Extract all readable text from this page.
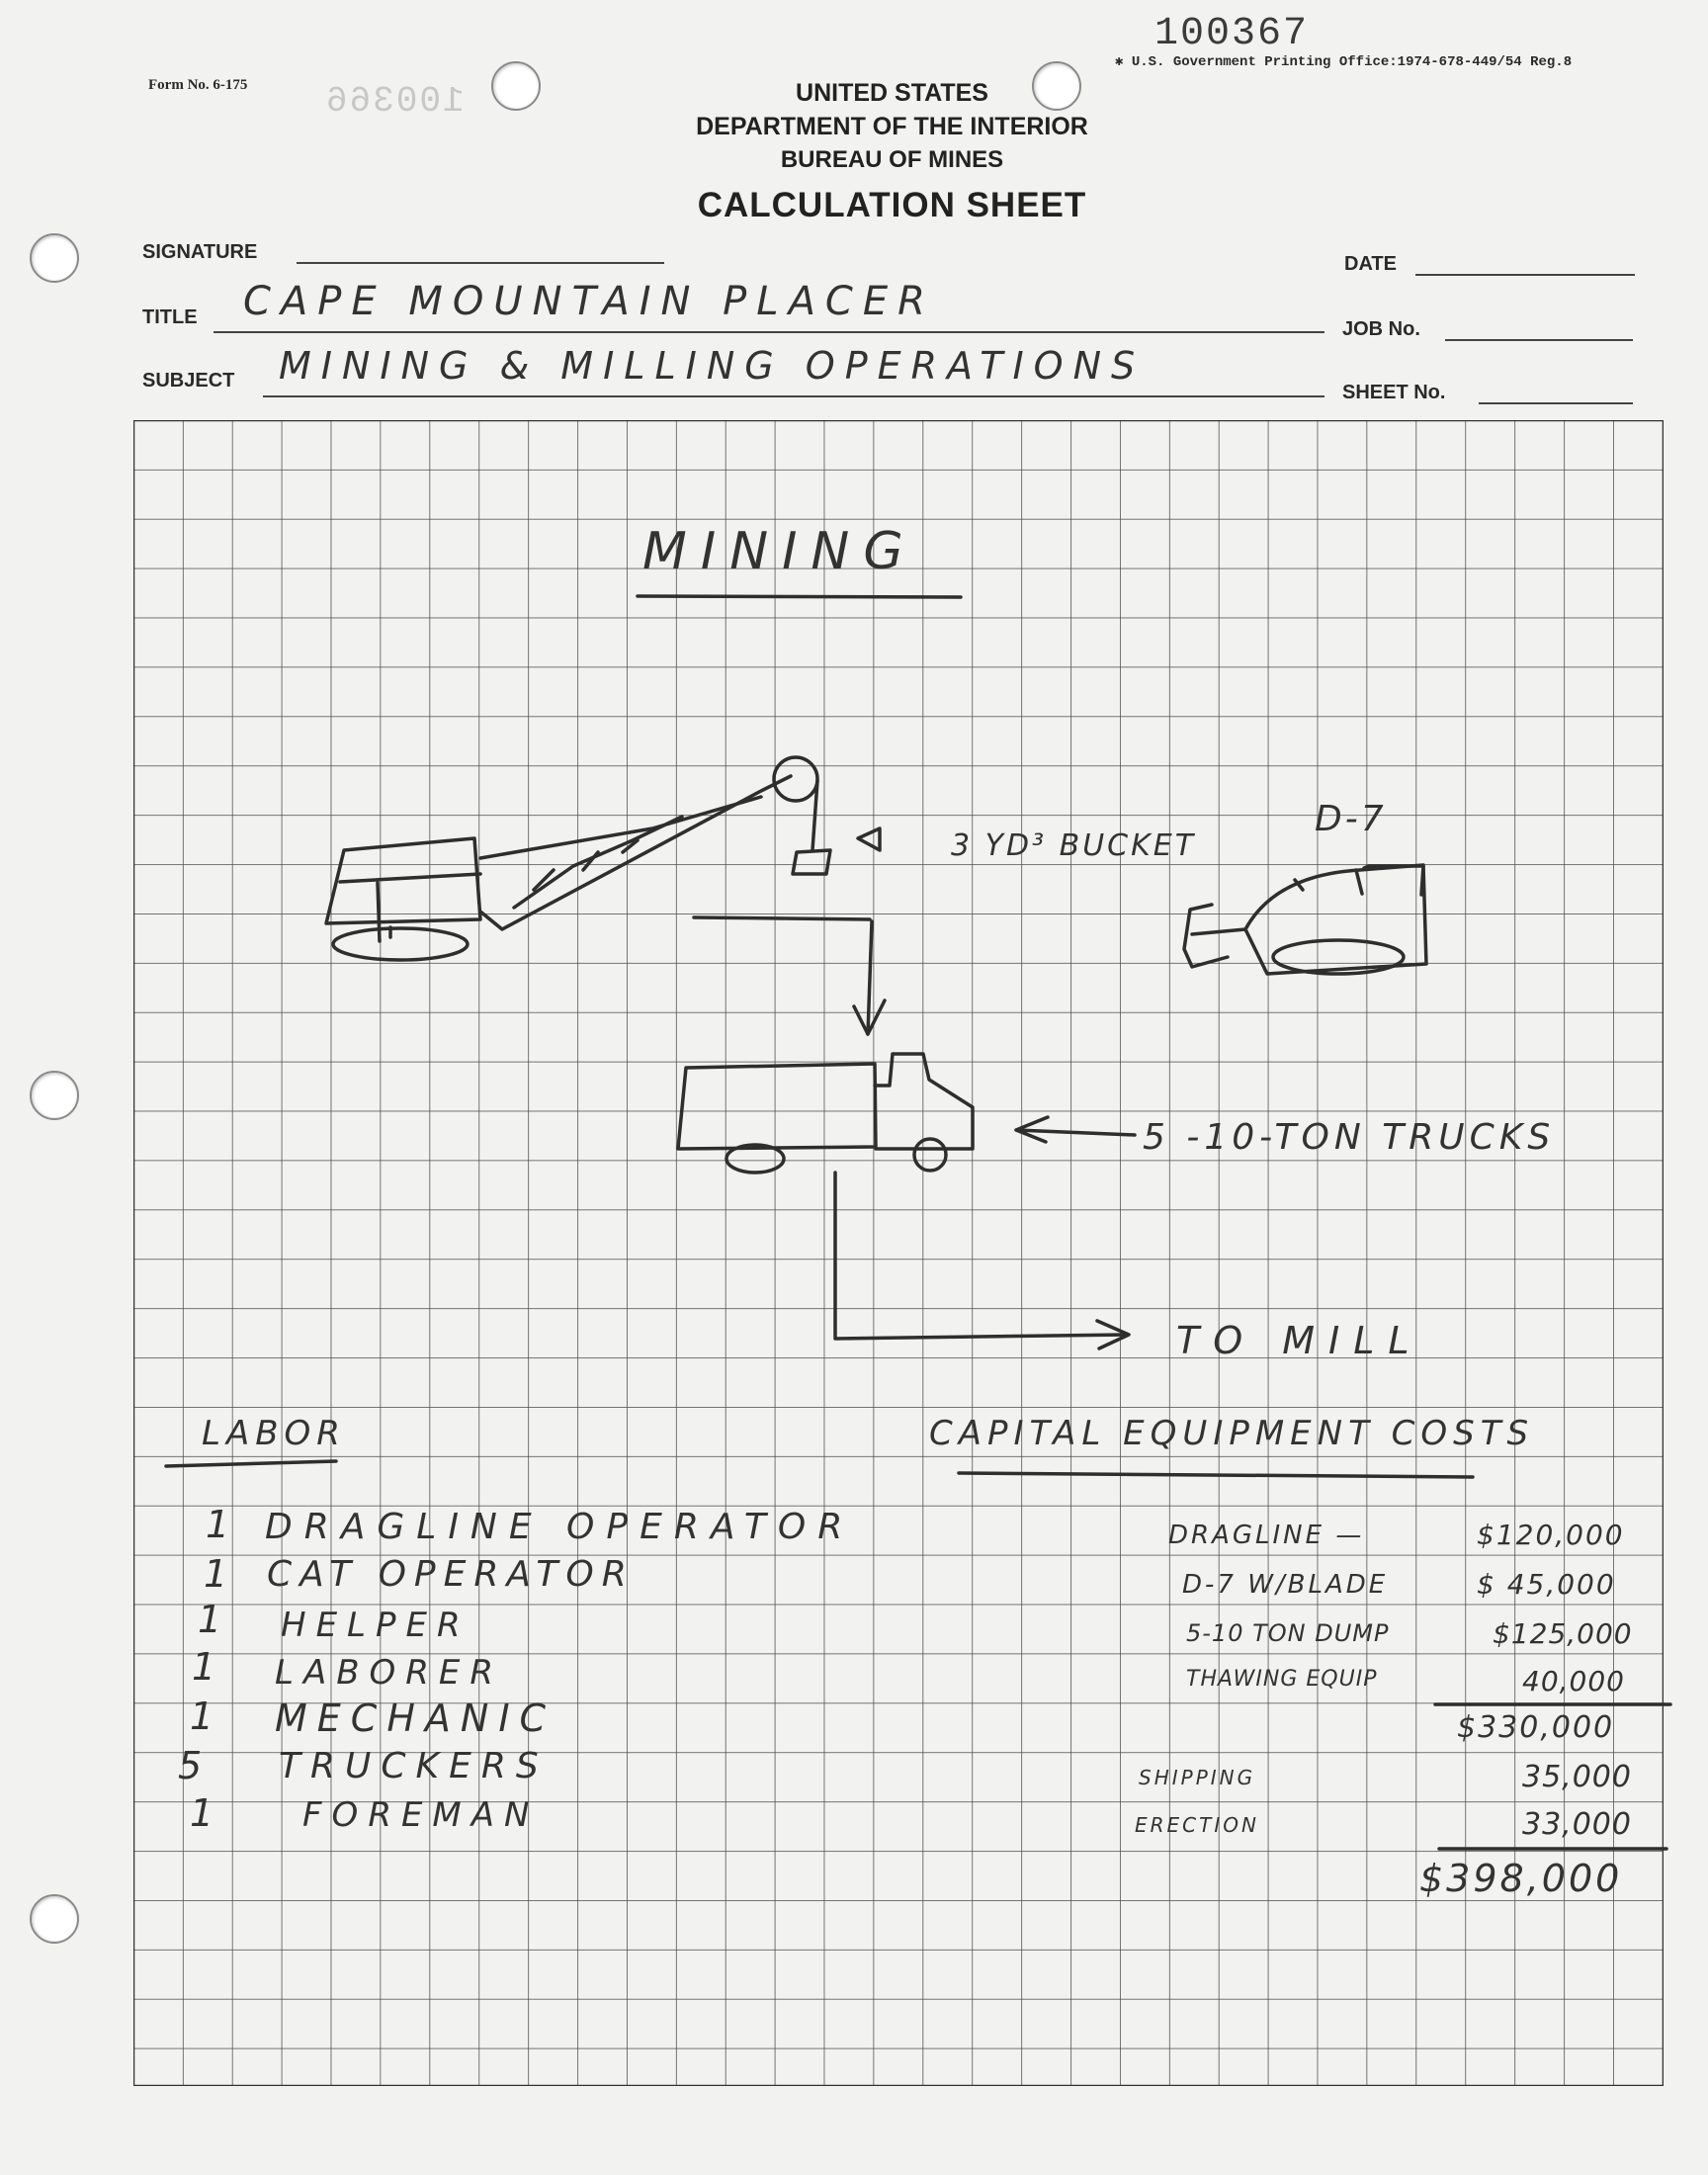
Form No. 6-175
✱ U.S. Government Printing Office:1974-678-449/54 Reg.8
100367
100366	UNITED STATES
DEPARTMENT OF THE INTERIOR
BUREAU OF MINES
CALCULATION SHEET
SIGNATURE
DATE
TITLE CAPE MOUNTAIN PLACER
JOB No.
SUBJECT MINING & MILLING OPERATIONS
SHEET No.
MINING
3 YD³ BUCKET
D-7
5 -10-TON TRUCKS
TO MILL
LABOR
1 DRAGLINE OPERATOR
1 CAT OPERATOR
1 HELPER
1 LABORER
1 MECHANIC
5 TRUCKERS
1	FOREMAN
CAPITAL EQUIPMENT COSTS
DRAGLINE —	$120,000
D-7 W/BLADE	$ 45,000
5-10 TON DUMP	$125,000
THAWING EQUIP	40,000
$330,000
SHIPPING	35,000
ERECTION	33,000
$398,000
